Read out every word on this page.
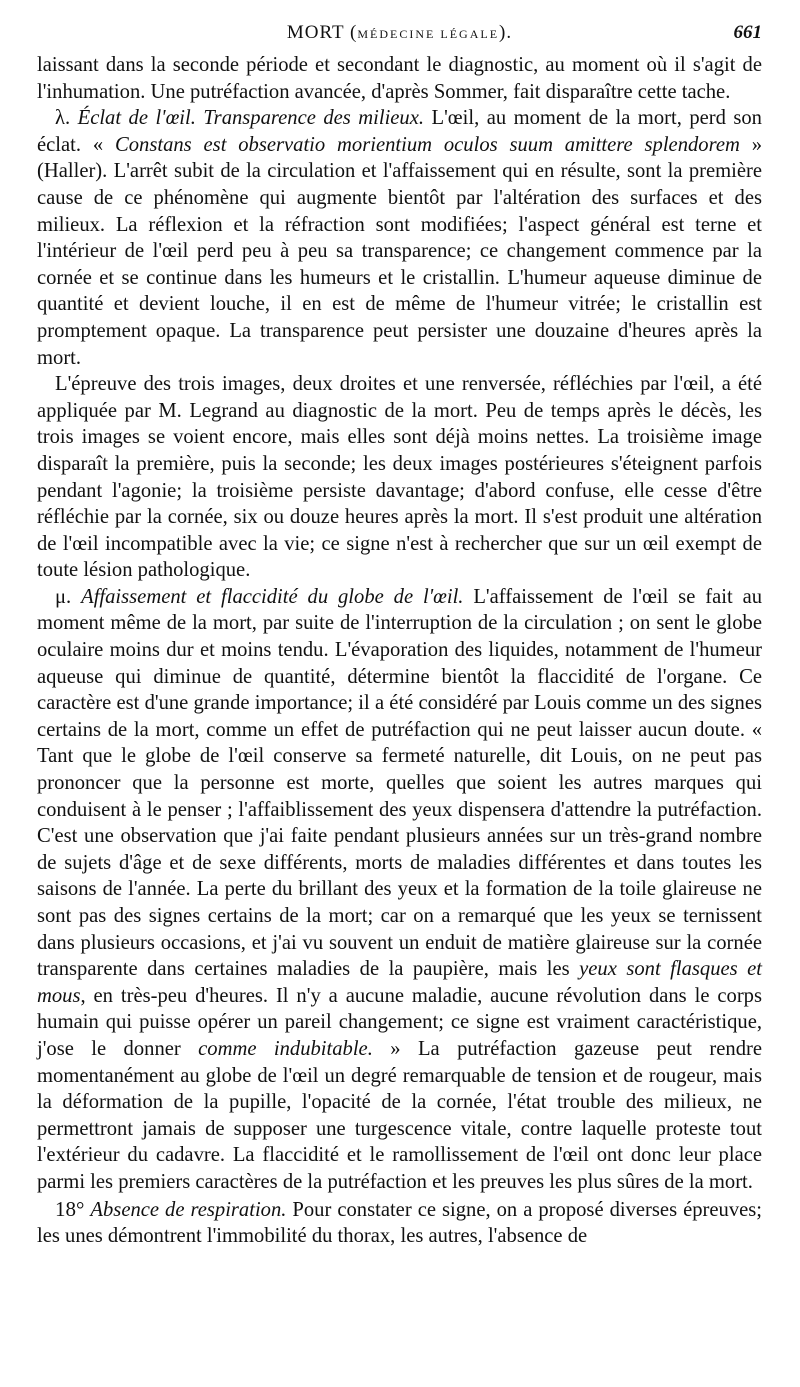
MORT (MÉDECINE LÉGALE).	661

laissant dans la seconde période et secondant le diagnostic, au moment où il s'agit de l'inhumation. Une putréfaction avancée, d'après Sommer, fait disparaître cette tache.

λ. Éclat de l'œil. Transparence des milieux. L'œil, au moment de la mort, perd son éclat. « Constans est observatio morientium oculos suum amittere splendorem » (Haller). L'arrêt subit de la circulation et l'affaissement qui en résulte, sont la première cause de ce phénomène qui augmente bientôt par l'altération des surfaces et des milieux. La réflexion et la réfraction sont modifiées; l'aspect général est terne et l'intérieur de l'œil perd peu à peu sa transparence; ce changement commence par la cornée et se continue dans les humeurs et le cristallin. L'humeur aqueuse diminue de quantité et devient louche, il en est de même de l'humeur vitrée; le cristallin est promptement opaque. La transparence peut persister une douzaine d'heures après la mort.

L'épreuve des trois images, deux droites et une renversée, réfléchies par l'œil, a été appliquée par M. Legrand au diagnostic de la mort. Peu de temps après le décès, les trois images se voient encore, mais elles sont déjà moins nettes. La troisième image disparaît la première, puis la seconde; les deux images postérieures s'éteignent parfois pendant l'agonie; la troisième persiste davantage; d'abord confuse, elle cesse d'être réfléchie par la cornée, six ou douze heures après la mort. Il s'est produit une altération de l'œil incompatible avec la vie; ce signe n'est à rechercher que sur un œil exempt de toute lésion pathologique.

μ. Affaissement et flaccidité du globe de l'œil. L'affaissement de l'œil se fait au moment même de la mort, par suite de l'interruption de la circulation ; on sent le globe oculaire moins dur et moins tendu. L'évaporation des liquides, notamment de l'humeur aqueuse qui diminue de quantité, détermine bientôt la flaccidité de l'organe. Ce caractère est d'une grande importance; il a été considéré par Louis comme un des signes certains de la mort, comme un effet de putréfaction qui ne peut laisser aucun doute. « Tant que le globe de l'œil conserve sa fermeté naturelle, dit Louis, on ne peut pas prononcer que la personne est morte, quelles que soient les autres marques qui conduisent à le penser ; l'affaiblissement des yeux dispensera d'attendre la putréfaction. C'est une observation que j'ai faite pendant plusieurs années sur un très-grand nombre de sujets d'âge et de sexe différents, morts de maladies différentes et dans toutes les saisons de l'année. La perte du brillant des yeux et la formation de la toile glaireuse ne sont pas des signes certains de la mort; car on a remarqué que les yeux se ternissent dans plusieurs occasions, et j'ai vu souvent un enduit de matière glaireuse sur la cornée transparente dans certaines maladies de la paupière, mais les yeux sont flasques et mous, en très-peu d'heures. Il n'y a aucune maladie, aucune révolution dans le corps humain qui puisse opérer un pareil changement; ce signe est vraiment caractéristique, j'ose le donner comme indubitable. » La putréfaction gazeuse peut rendre momentanément au globe de l'œil un degré remarquable de tension et de rougeur, mais la déformation de la pupille, l'opacité de la cornée, l'état trouble des milieux, ne permettront jamais de supposer une turgescence vitale, contre laquelle proteste tout l'extérieur du cadavre. La flaccidité et le ramollissement de l'œil ont donc leur place parmi les premiers caractères de la putréfaction et les preuves les plus sûres de la mort.

18° Absence de respiration. Pour constater ce signe, on a proposé diverses épreuves; les unes démontrent l'immobilité du thorax, les autres, l'absence de
